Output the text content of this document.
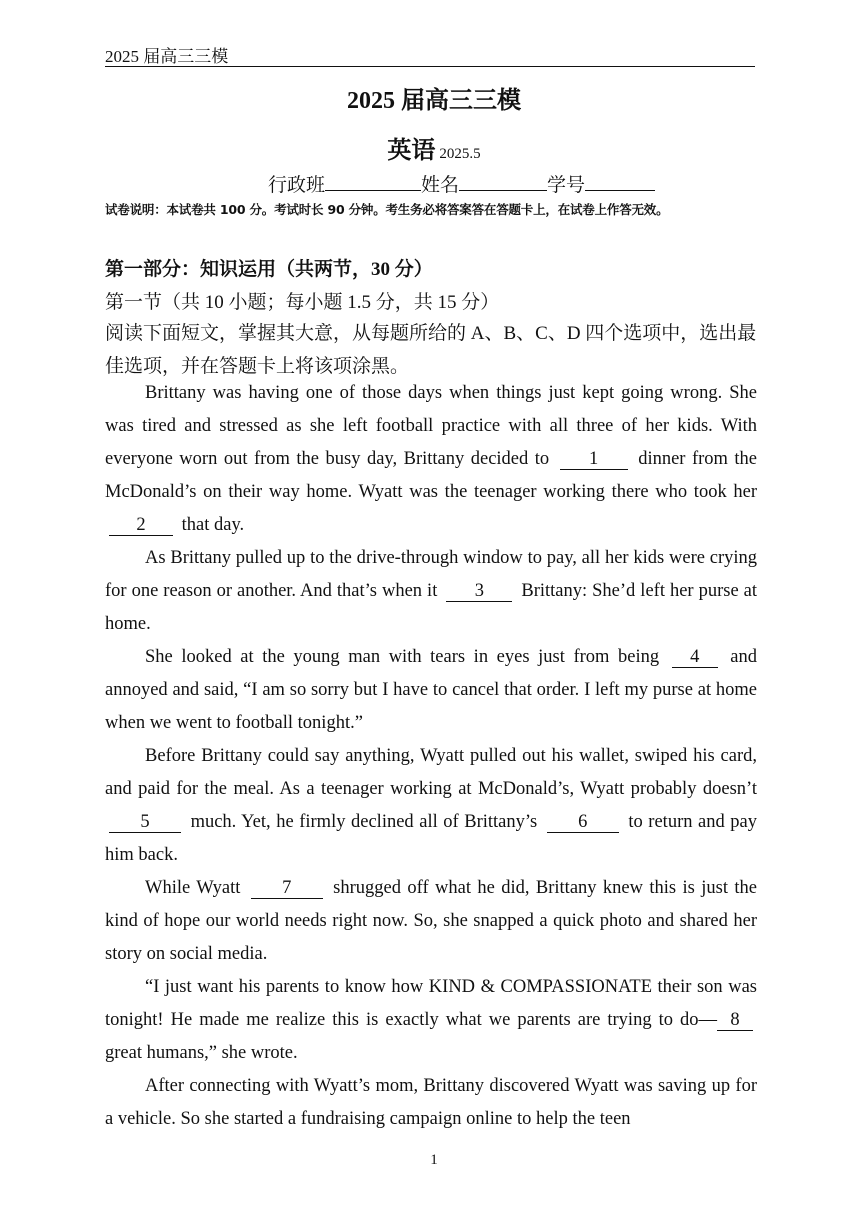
2025 届高三三模
2025 届高三三模
英语 2025.5
行政班	姓名	学号
试卷说明：本试卷共 100 分。考试时长 90 分钟。考生务必将答案答在答题卡上，在试卷上作答无效。
第一部分：知识运用（共两节，30 分）
第一节（共 10 小题；每小题 1.5 分，共 15 分）
阅读下面短文，掌握其大意，从每题所给的 A、B、C、D 四个选项中，选出最佳选项，并在答题卡上将该项涂黑。

Brittany was having one of those days when things just kept going wrong. She was tired and stressed as she left football practice with all three of her kids. With everyone worn out from the busy day, Brittany decided to 1 dinner from the McDonald’s on their way home. Wyatt was the teenager working there who took her 2 that day.

As Brittany pulled up to the drive-through window to pay, all her kids were crying for one reason or another. And that’s when it 3 Brittany: She’d left her purse at home.

She looked at the young man with tears in eyes just from being 4 and annoyed and said, “I am so sorry but I have to cancel that order. I left my purse at home when we went to football tonight.”

Before Brittany could say anything, Wyatt pulled out his wallet, swiped his card, and paid for the meal. As a teenager working at McDonald’s, Wyatt probably doesn’t 5 much. Yet, he firmly declined all of Brittany’s 6 to return and pay him back.

While Wyatt 7 shrugged off what he did, Brittany knew this is just the kind of hope our world needs right now. So, she snapped a quick photo and shared her story on social media.

“I just want his parents to know how KIND & COMPASSIONATE their son was tonight! He made me realize this is exactly what we parents are trying to do— 8 great humans,” she wrote.

After connecting with Wyatt’s mom, Brittany discovered Wyatt was saving up for a vehicle. So she started a fundraising campaign online to help the teen

1
